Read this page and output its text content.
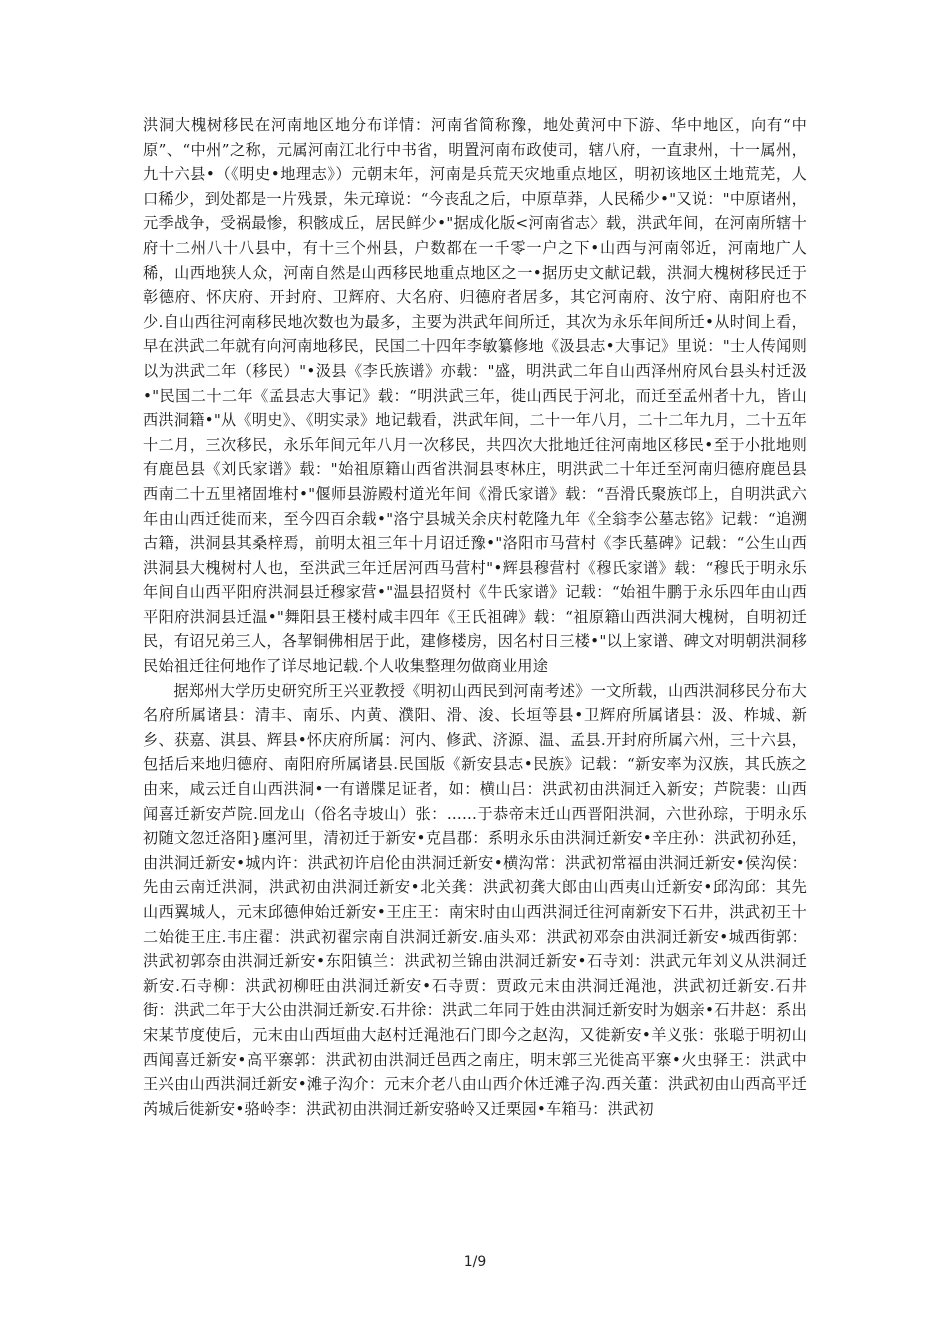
洪洞大槐树移民在河南地区地分布详情：河南省简称豫，地处黄河中下游、华中地区，向有“中原”、“中州”之称，元属河南江北行中书省，明置河南布政使司，辖八府，一直隶州，十一属州，九十六县•（《明史•地理志》）元朝末年，河南是兵荒天灾地重点地区，明初该地区土地荒芜，人口稀少，到处都是一片残景，朱元璋说：“今丧乱之后，中原草莽，人民稀少•"又说："中原诸州，元季战争，受祸最惨，积骸成丘，居民鲜少•"据成化版<河南省志〉载，洪武年间，在河南所辖十府十二州八十八县中，有十三个州县，户数都在一千零一户之下•山西与河南邻近，河南地广人稀，山西地狭人众，河南自然是山西移民地重点地区之一•据历史文献记载，洪洞大槐树移民迁于彰德府、怀庆府、开封府、卫辉府、大名府、归德府者居多，其它河南府、汝宁府、南阳府也不少.自山西往河南移民地次数也为最多，主要为洪武年间所迁，其次为永乐年间所迁•从时间上看，早在洪武二年就有向河南地移民，民国二十四年李敏纂修地《汲县志•大事记》里说："士人传闻则以为洪武二年（移民）"•汲县《李氏族谱》亦载："盛，明洪武二年自山西泽州府风台县头村迁汲•"民国二十二年《孟县志大事记》载：“明洪武三年，徙山西民于河北，而迁至孟州者十九，皆山西洪洞籍•"从《明史》、《明实录》地记载看，洪武年间，二十一年八月，二十二年九月，二十五年十二月，三次移民，永乐年间元年八月一次移民，共四次大批地迁往河南地区移民•至于小批地则有鹿邑县《刘氏家谱》载："始祖原籍山西省洪洞县枣林庄，明洪武二十年迁至河南归德府鹿邑县西南二十五里褚固堆村•"偃师县游殿村道光年间《滑氏家谱》载：“吾滑氏聚族邙上，自明洪武六年由山西迁徙而来，至今四百余载•"洛宁县城关余庆村乾隆九年《全翁李公墓志铭》记载：“追溯古籍，洪洞县其桑梓焉，前明太祖三年十月诏迁豫•"洛阳市马营村《李氏墓碑》记载：“公生山西洪洞县大槐树村人也，至洪武三年迁居河西马营村"•辉县穆营村《穆氏家谱》载：“穆氏于明永乐年间自山西平阳府洪洞县迁穆家营•"温县招贤村《牛氏家谱》记载：“始祖牛鹏于永乐四年由山西平阳府洪洞县迁温•"舞阳县王楼村咸丰四年《王氏祖碑》载：“祖原籍山西洪洞大槐树，自明初迁民，有诏兄弟三人，各挈铜佛相居于此，建修楼房，因名村日三楼•"以上家谱、碑文对明朝洪洞移民始祖迁往何地作了详尽地记载.个人收集整理勿做商业用途

据郑州大学历史研究所王兴亚教授《明初山西民到河南考述》一文所载，山西洪洞移民分布大名府所属诸县：清丰、南乐、内黄、濮阳、滑、浚、长垣等县•卫辉府所属诸县：汲、柞城、新乡、获嘉、淇县、辉县•怀庆府所属：河内、修武、济源、温、孟县.开封府所属六州，三十六县，包括后来地归德府、南阳府所属诸县.民国版《新安县志•民族》记载：“新安率为汉族，其氏族之由来，咸云迁自山西洪洞•一有谱牒足证者，如：横山吕：洪武初由洪洞迁入新安；芦院裴：山西闻喜迁新安芦院.回龙山（俗名寺坡山）张：......于恭帝末迁山西晋阳洪洞，六世孙琮，于明永乐初随文忽迁洛阳}廛河里，清初迁于新安•克昌郡：系明永乐由洪洞迁新安•辛庄孙：洪武初孙廷，由洪洞迁新安•城内许：洪武初许启伦由洪洞迁新安•横沟常：洪武初常福由洪洞迁新安•侯沟侯：先由云南迁洪洞，洪武初由洪洞迁新安•北关龚：洪武初龚大郎由山西夷山迁新安•邱沟邱：其先山西翼城人，元末邱德伸始迁新安•王庄王：南宋时由山西洪洞迁往河南新安下石井，洪武初王十二始徙王庄.韦庄翟：洪武初翟宗南自洪洞迁新安.庙头邓：洪武初邓奈由洪洞迁新安•城西街郭：洪武初郭奈由洪洞迁新安•东阳镇兰：洪武初兰锦由洪洞迁新安•石寺刘：洪武元年刘义从洪洞迁新安.石寺柳：洪武初柳旺由洪洞迁新安•石寺贾：贾政元末由洪洞迁渑池，洪武初迁新安.石井街：洪武二年于大公由洪洞迁新安.石井徐：洪武二年同于姓由洪洞迁新安时为姻亲•石井赵：系出宋某节度使后，元末由山西垣曲大赵村迁渑池石门即今之赵沟，又徙新安•羊义张：张聪于明初山西闻喜迁新安•高平寨郭：洪武初由洪洞迁邑西之南庄，明末郭三光徙高平寨•火虫驿王：洪武中王兴由山西洪洞迁新安•滩子沟介：元末介老八由山西介休迁滩子沟.西关董：洪武初由山西高平迁芮城后徙新安•骆岭李：洪武初由洪洞迁新安骆岭又迁栗园•车箱马：洪武初

1/9
